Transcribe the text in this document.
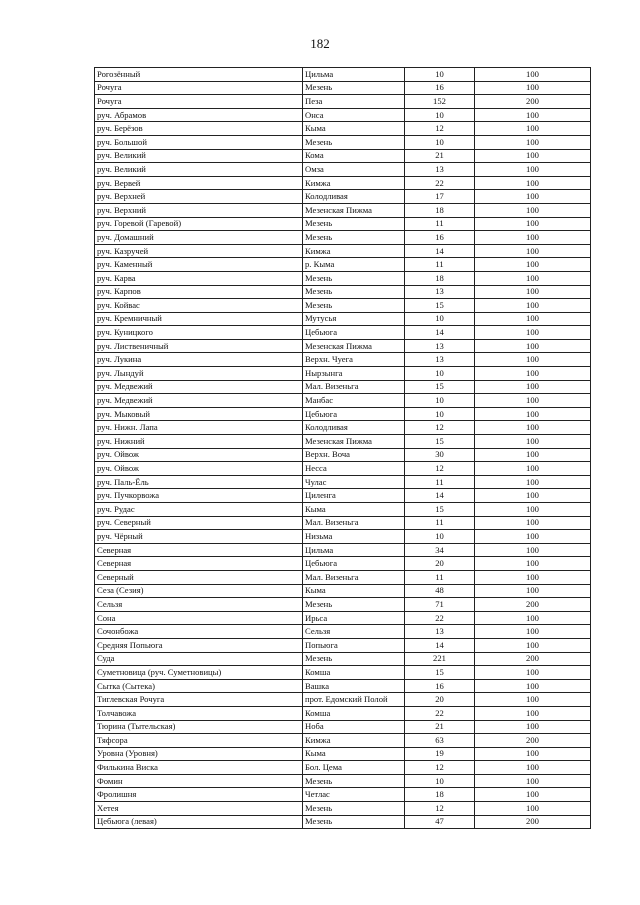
182
Рогозённый	Цильма	10	100
Рочуга	Мезень	16	100
Рочуга	Пеза	152	200
руч. Абрамов	Онса	10	100
руч. Берёзов	Кыма	12	100
руч. Большой	Мезень	10	100
руч. Великий	Кома	21	100
руч. Великий	Омза	13	100
руч. Вервей	Кимжа	22	100
руч. Верхней	Колодливая	17	100
руч. Верхний	Мезенская Пижма	18	100
руч. Горевой (Гаревой)	Мезень	11	100
руч. Домашний	Мезень	16	100
руч. Казручей	Кимжа	14	100
руч. Каменный	р. Кыма	11	100
руч. Карва	Мезень	18	100
руч. Карпов	Мезень	13	100
руч. Койвас	Мезень	15	100
руч. Кремничный	Мутусья	10	100
руч. Куницкого	Цебьюга	14	100
руч. Лиственичный	Мезенская Пижма	13	100
руч. Лукина	Верхн. Чуега	13	100
руч. Лындуй	Нырзынга	10	100
руч. Медвежий	Мал. Визеньга	15	100
руч. Медвежий	Манбас	10	100
руч. Мыковый	Цебьюга	10	100
руч. Нижн. Лапа	Колодливая	12	100
руч. Нижний	Мезенская Пижма	15	100
руч. Ойвож	Верхн. Вочa	30	100
руч. Ойвож	Несса	12	100
руч. Паль-Ёль	Чулас	11	100
руч. Пучкорвожа	Циленга	14	100
руч. Рудас	Кыма	15	100
руч. Северный	Мал. Визеньга	11	100
руч. Чёрный	Низьма	10	100
Северная	Цильма	34	100
Северная	Цебьюга	20	100
Северный	Мал. Визеньга	11	100
Сеза (Сезия)	Кыма	48	100
Сельзя	Мезень	71	200
Сона	Ирьса	22	100
Сочонбожа	Сельзя	13	100
Средняя Попьюга	Попьюга	14	100
Суда	Мезень	221	200
Суметновица (руч. Суметновицы)	Комша	15	100
Сытка (Сытека)	Вашка	16	100
Тиглевская Рочуга	прот. Едомский Полой	20	100
Толчавожа	Комша	22	100
Тюрина (Тытельская)	Ноба	21	100
Тяфсора	Кимжа	63	200
Уровна (Уровня)	Кыма	19	100
Филькина Виска	Бол. Цема	12	100
Фомин	Мезень	10	100
Фролишня	Четлас	18	100
Хетея	Мезень	12	100
Цебьюга (левая)	Мезень	47	200
